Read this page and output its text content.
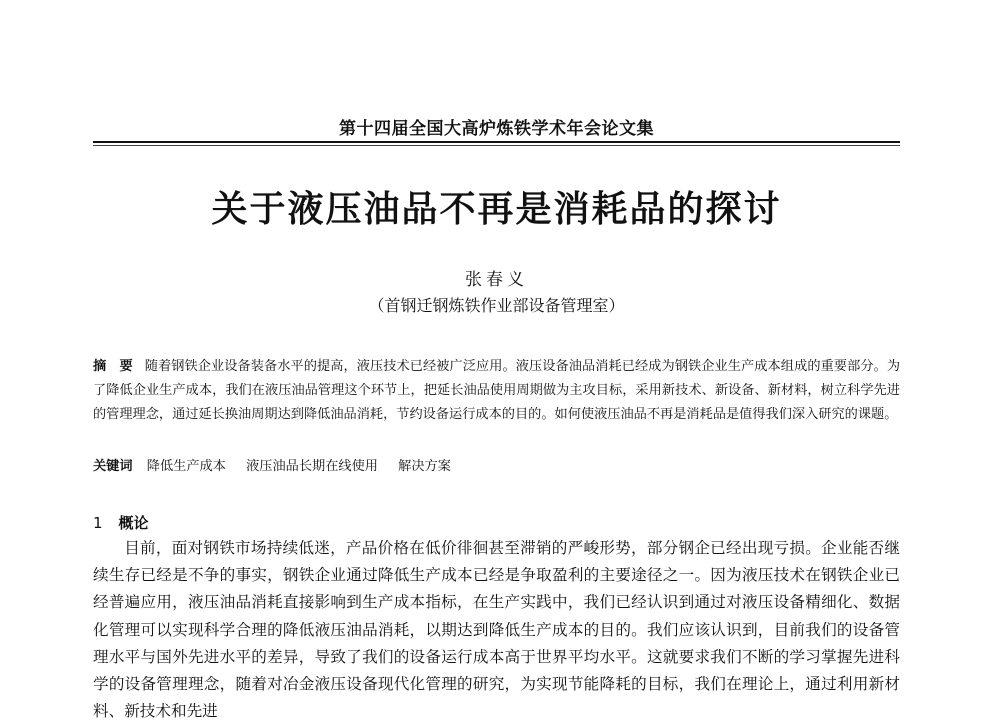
第十四届全国大高炉炼铁学术年会论文集
关于液压油品不再是消耗品的探讨
张春义
（首钢迁钢炼铁作业部设备管理室）
摘　要 随着钢铁企业设备装备水平的提高，液压技术已经被广泛应用。液压设备油品消耗已经成为钢铁企业生产成本组成的重要部分。为了降低企业生产成本，我们在液压油品管理这个环节上，把延长油品使用周期做为主攻目标，采用新技术、新设备、新材料，树立科学先进的管理理念，通过延长换油周期达到降低油品消耗，节约设备运行成本的目的。如何使液压油品不再是消耗品是值得我们深入研究的课题。
关键词 降低生产成本 液压油品长期在线使用 解决方案
1 概论

目前，面对钢铁市场持续低迷，产品价格在低价徘徊甚至滞销的严峻形势，部分钢企已经出现亏损。企业能否继续生存已经是不争的事实，钢铁企业通过降低生产成本已经是争取盈利的主要途径之一。因为液压技术在钢铁企业已经普遍应用，液压油品消耗直接影响到生产成本指标，在生产实践中，我们已经认识到通过对液压设备精细化、数据化管理可以实现科学合理的降低液压油品消耗，以期达到降低生产成本的目的。我们应该认识到，目前我们的设备管理水平与国外先进水平的差异，导致了我们的设备运行成本高于世界平均水平。这就要求我们不断的学习掌握先进科学的设备管理理念，随着对冶金液压设备现代化管理的研究，为实现节能降耗的目标，我们在理论上，通过利用新材料、新技术和先进
